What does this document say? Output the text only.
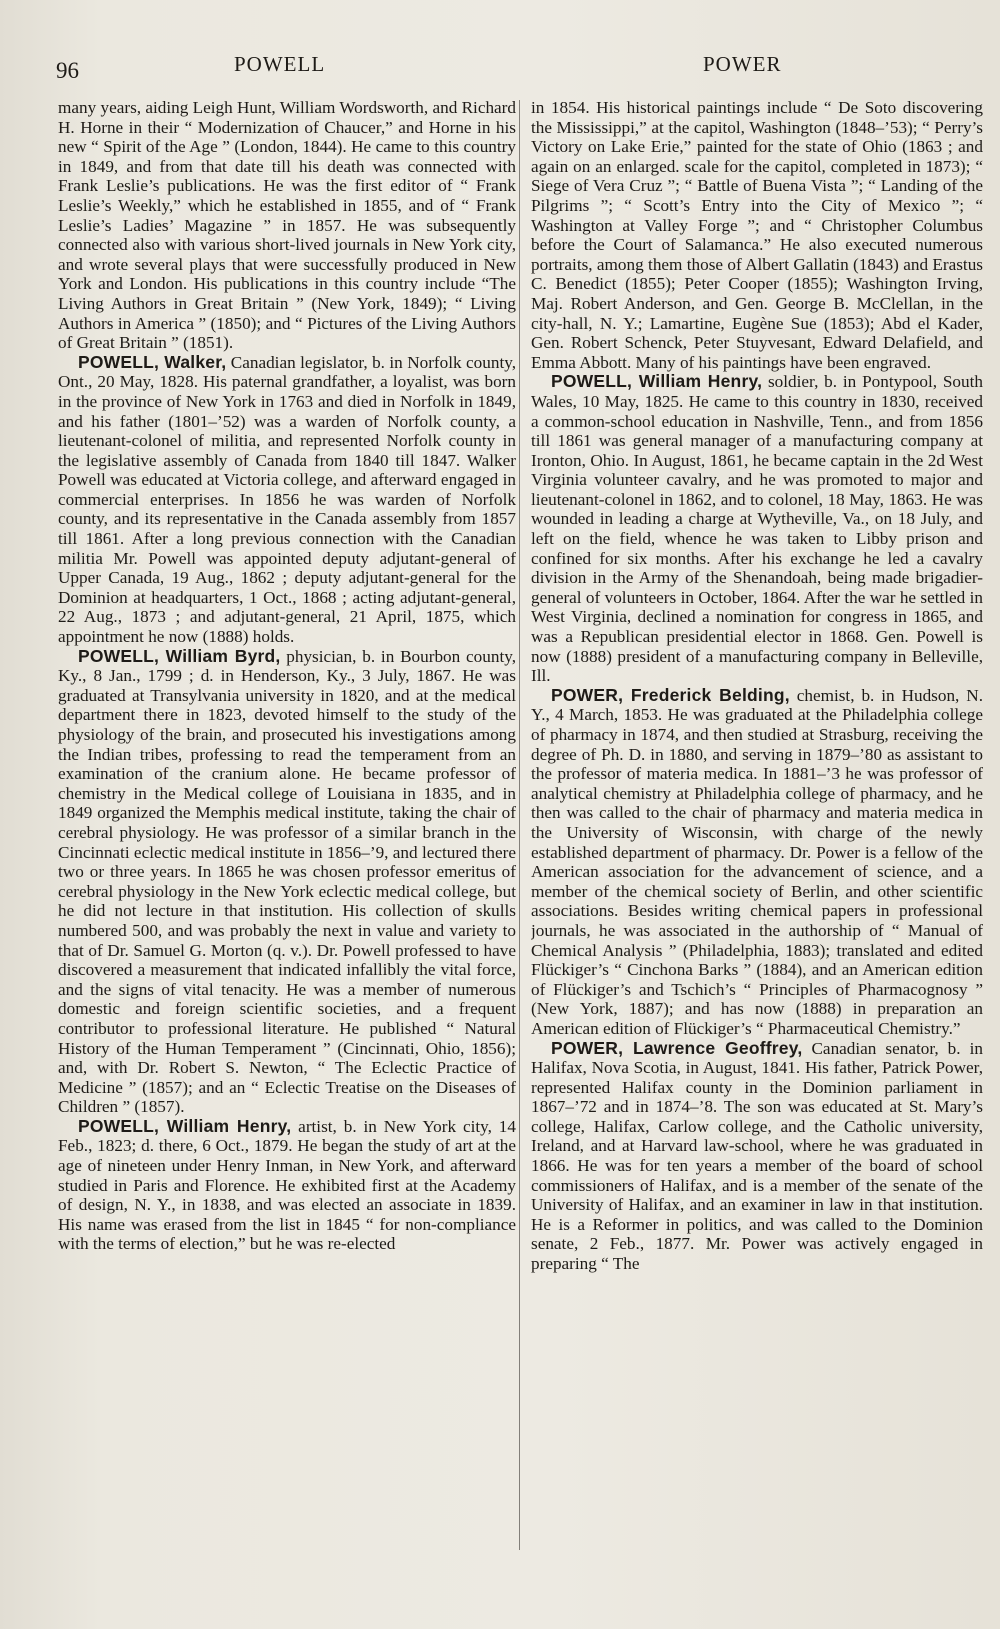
96	POWELL	POWER

many years, aiding Leigh Hunt, William Wordsworth, and Richard H. Horne in their “ Modernization of Chaucer,” and Horne in his new “ Spirit of the Age ” (London, 1844). He came to this country in 1849, and from that date till his death was connected with Frank Leslie’s publications. He was the first editor of “ Frank Leslie’s Weekly,” which he established in 1855, and of “ Frank Leslie’s Ladies’ Magazine ” in 1857. He was subsequently connected also with various short-lived journals in New York city, and wrote several plays that were successfully produced in New York and London. His publications in this country include “The Living Authors in Great Britain ” (New York, 1849); “ Living Authors in America ” (1850); and “ Pictures of the Living Authors of Great Britain ” (1851).

POWELL, Walker, Canadian legislator, b. in Norfolk county, Ont., 20 May, 1828. His paternal grandfather, a loyalist, was born in the province of New York in 1763 and died in Norfolk in 1849, and his father (1801–’52) was a warden of Norfolk county, a lieutenant-colonel of militia, and represented Norfolk county in the legislative assembly of Canada from 1840 till 1847. Walker Powell was educated at Victoria college, and afterward engaged in commercial enterprises. In 1856 he was warden of Norfolk county, and its representative in the Canada assembly from 1857 till 1861. After a long previous connection with the Canadian militia Mr. Powell was appointed deputy adjutant-general of Upper Canada, 19 Aug., 1862 ; deputy adjutant-general for the Dominion at headquarters, 1 Oct., 1868 ; acting adjutant-general, 22 Aug., 1873 ; and adjutant-general, 21 April, 1875, which appointment he now (1888) holds.

POWELL, William Byrd, physician, b. in Bourbon county, Ky., 8 Jan., 1799 ; d. in Henderson, Ky., 3 July, 1867. He was graduated at Transylvania university in 1820, and at the medical department there in 1823, devoted himself to the study of the physiology of the brain, and prosecuted his investigations among the Indian tribes, professing to read the temperament from an examination of the cranium alone. He became professor of chemistry in the Medical college of Louisiana in 1835, and in 1849 organized the Memphis medical institute, taking the chair of cerebral physiology. He was professor of a similar branch in the Cincinnati eclectic medical institute in 1856–’9, and lectured there two or three years. In 1865 he was chosen professor emeritus of cerebral physiology in the New York eclectic medical college, but he did not lecture in that institution. His collection of skulls numbered 500, and was probably the next in value and variety to that of Dr. Samuel G. Morton (q. v.). Dr. Powell professed to have discovered a measurement that indicated infallibly the vital force, and the signs of vital tenacity. He was a member of numerous domestic and foreign scientific societies, and a frequent contributor to professional literature. He published “ Natural History of the Human Temperament ” (Cincinnati, Ohio, 1856); and, with Dr. Robert S. Newton, “ The Eclectic Practice of Medicine ” (1857); and an “ Eclectic Treatise on the Diseases of Children ” (1857).

POWELL, William Henry, artist, b. in New York city, 14 Feb., 1823; d. there, 6 Oct., 1879. He began the study of art at the age of nineteen under Henry Inman, in New York, and afterward studied in Paris and Florence. He exhibited first at the Academy of design, N. Y., in 1838, and was elected an associate in 1839. His name was erased from the list in 1845 “ for non-compliance with the terms of election,” but he was re-elected

in 1854. His historical paintings include “ De Soto discovering the Mississippi,” at the capitol, Washington (1848–’53); “ Perry’s Victory on Lake Erie,” painted for the state of Ohio (1863 ; and again on an enlarged. scale for the capitol, completed in 1873); “ Siege of Vera Cruz ”; “ Battle of Buena Vista ”; “ Landing of the Pilgrims ”; “ Scott’s Entry into the City of Mexico ”; “ Washington at Valley Forge ”; and “ Christopher Columbus before the Court of Salamanca.” He also executed numerous portraits, among them those of Albert Gallatin (1843) and Erastus C. Benedict (1855); Peter Cooper (1855); Washington Irving, Maj. Robert Anderson, and Gen. George B. McClellan, in the city-hall, N. Y.; Lamartine, Eugène Sue (1853); Abd el Kader, Gen. Robert Schenck, Peter Stuyvesant, Edward Delafield, and Emma Abbott. Many of his paintings have been engraved.

POWELL, William Henry, soldier, b. in Pontypool, South Wales, 10 May, 1825. He came to this country in 1830, received a common-school education in Nashville, Tenn., and from 1856 till 1861 was general manager of a manufacturing company at Ironton, Ohio. In August, 1861, he became captain in the 2d West Virginia volunteer cavalry, and he was promoted to major and lieutenant-colonel in 1862, and to colonel, 18 May, 1863. He was wounded in leading a charge at Wytheville, Va., on 18 July, and left on the field, whence he was taken to Libby prison and confined for six months. After his exchange he led a cavalry division in the Army of the Shenandoah, being made brigadier-general of volunteers in October, 1864. After the war he settled in West Virginia, declined a nomination for congress in 1865, and was a Republican presidential elector in 1868. Gen. Powell is now (1888) president of a manufacturing company in Belleville, Ill.

POWER, Frederick Belding, chemist, b. in Hudson, N. Y., 4 March, 1853. He was graduated at the Philadelphia college of pharmacy in 1874, and then studied at Strasburg, receiving the degree of Ph. D. in 1880, and serving in 1879–’80 as assistant to the professor of materia medica. In 1881–’3 he was professor of analytical chemistry at Philadelphia college of pharmacy, and he then was called to the chair of pharmacy and materia medica in the University of Wisconsin, with charge of the newly established department of pharmacy. Dr. Power is a fellow of the American association for the advancement of science, and a member of the chemical society of Berlin, and other scientific associations. Besides writing chemical papers in professional journals, he was associated in the authorship of “ Manual of Chemical Analysis ” (Philadelphia, 1883); translated and edited Flückiger’s “ Cinchona Barks ” (1884), and an American edition of Flückiger’s and Tschich’s “ Principles of Pharmacognosy ” (New York, 1887); and has now (1888) in preparation an American edition of Flückiger’s “ Pharmaceutical Chemistry.”

POWER, Lawrence Geoffrey, Canadian senator, b. in Halifax, Nova Scotia, in August, 1841. His father, Patrick Power, represented Halifax county in the Dominion parliament in 1867–’72 and in 1874–’8. The son was educated at St. Mary’s college, Halifax, Carlow college, and the Catholic university, Ireland, and at Harvard law-school, where he was graduated in 1866. He was for ten years a member of the board of school commissioners of Halifax, and is a member of the senate of the University of Halifax, and an examiner in law in that institution. He is a Reformer in politics, and was called to the Dominion senate, 2 Feb., 1877. Mr. Power was actively engaged in preparing “ The
